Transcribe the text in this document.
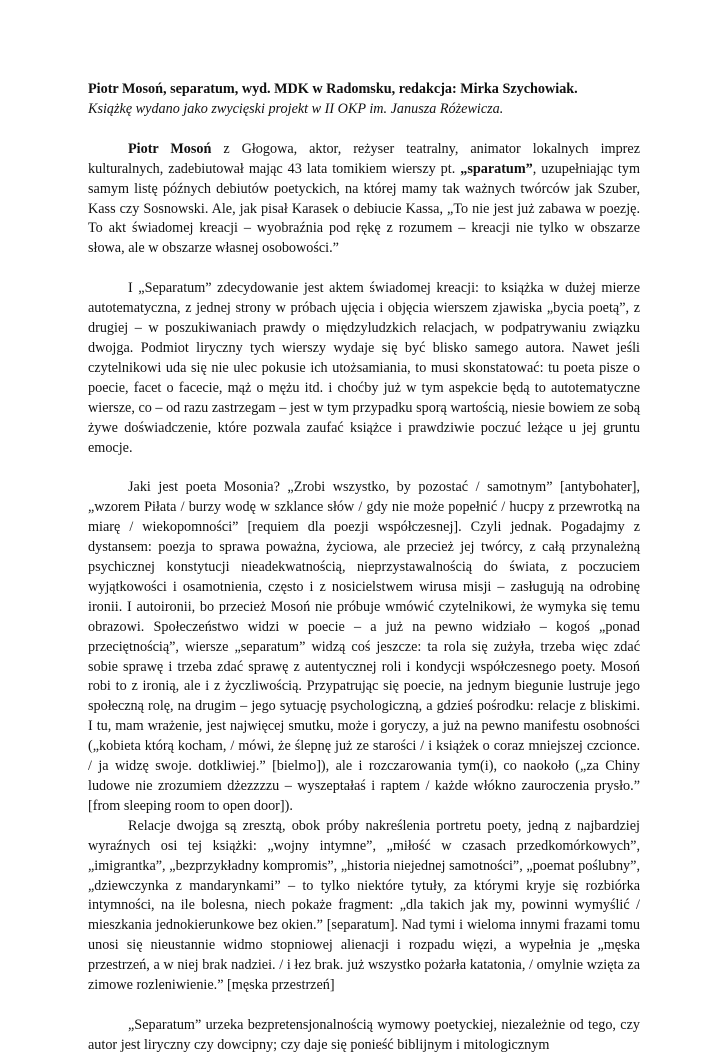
Piotr Mosoń, separatum, wyd. MDK w Radomsku, redakcja: Mirka Szychowiak.

Książkę wydano jako zwycięski projekt w II OKP im. Janusza Różewicza.

Piotr Mosoń z Głogowa, aktor, reżyser teatralny, animator lokalnych imprez kulturalnych, zadebiutował mając 43 lata tomikiem wierszy pt. „sparatum”, uzupełniając tym samym listę późnych debiutów poetyckich, na której mamy tak ważnych twórców jak Szuber, Kass czy Sosnowski. Ale, jak pisał Karasek o debiucie Kassa, „To nie jest już zabawa w poezję. To akt świadomej kreacji – wyobraźnia pod rękę z rozumem – kreacji nie tylko w obszarze słowa, ale w obszarze własnej osobowości.”

I „Separatum” zdecydowanie jest aktem świadomej kreacji: to książka w dużej mierze autotematyczna, z jednej strony w próbach ujęcia i objęcia wierszem zjawiska „bycia poetą”, z drugiej – w poszukiwaniach prawdy o międzyludzkich relacjach, w podpatrywaniu związku dwojga. Podmiot liryczny tych wierszy wydaje się być blisko samego autora. Nawet jeśli czytelnikowi uda się nie ulec pokusie ich utożsamiania, to musi skonstatować: tu poeta pisze o poecie, facet o facecie, mąż o mężu itd. i choćby już w tym aspekcie będą to autotematyczne wiersze, co – od razu zastrzegam – jest w tym przypadku sporą wartością, niesie bowiem ze sobą żywe doświadczenie, które pozwala zaufać książce i prawdziwie poczuć leżące u jej gruntu emocje.

Jaki jest poeta Mosonia? „Zrobi wszystko, by pozostać / samotnym” [antybohater], „wzorem Piłata / burzy wodę w szklance słów / gdy nie może popełnić / hucpy z przewrotką na miarę / wiekopomności” [requiem dla poezji współczesnej]. Czyli jednak. Pogadajmy z dystansem: poezja to sprawa poważna, życiowa, ale przecież jej twórcy, z całą przynależną psychicznej konstytucji nieadekwatnością, nieprzystawalnością do świata, z poczuciem wyjątkowości i osamotnienia, często i z nosicielstwem wirusa misji – zasługują na odrobinę ironii. I autoironii, bo przecież Mosoń nie próbuje wmówić czytelnikowi, że wymyka się temu obrazowi. Społeczeństwo widzi w poecie – a już na pewno widziało – kogoś „ponad przeciętnością”, wiersze „separatum” widzą coś jeszcze: ta rola się zużyła, trzeba więc zdać sobie sprawę i trzeba zdać sprawę z autentycznej roli i kondycji współczesnego poety. Mosoń robi to z ironią, ale i z życzliwością. Przypatrując się poecie, na jednym biegunie lustruje jego społeczną rolę, na drugim – jego sytuację psychologiczną, a gdzieś pośrodku: relacje z bliskimi. I tu, mam wrażenie, jest najwięcej smutku, może i goryczy, a już na pewno manifestu osobności („kobieta którą kocham, / mówi, że ślepnę już ze starości / i książek o coraz mniejszej czcionce. / ja widzę swoje. dotkliwiej.” [bielmo]), ale i rozczarowania tym(i), co naokoło („za Chiny ludowe nie zrozumiem dżezzzzu – wyszeptałaś i raptem / każde włókno zauroczenia prysło.” [from sleeping room to open door]).

Relacje dwojga są zresztą, obok próby nakreślenia portretu poety, jedną z najbardziej wyraźnych osi tej książki: „wojny intymne”, „miłość w czasach przedkomórkowych”, „imigrantka”, „bezprzykładny kompromis”, „historia niejednej samotności”, „poemat poślubny”, „dziewczynka z mandarynkami” – to tylko niektóre tytuły, za którymi kryje się rozbiórka intymności, na ile bolesna, niech pokaże fragment: „dla takich jak my, powinni wymyślić / mieszkania jednokierunkowe bez okien.” [separatum]. Nad tymi i wieloma innymi frazami tomu unosi się nieustannie widmo stopniowej alienacji i rozpadu więzi, a wypełnia je „męska przestrzeń, a w niej brak nadziei. / i łez brak. już wszystko pożarła katatonia, / omylnie wzięta za zimowe rozleniwienie.” [męska przestrzeń]

„Separatum” urzeka bezpretensjonalnością wymowy poetyckiej, niezależnie od tego, czy autor jest liryczny czy dowcipny; czy daje się ponieść biblijnym i mitologicznym
